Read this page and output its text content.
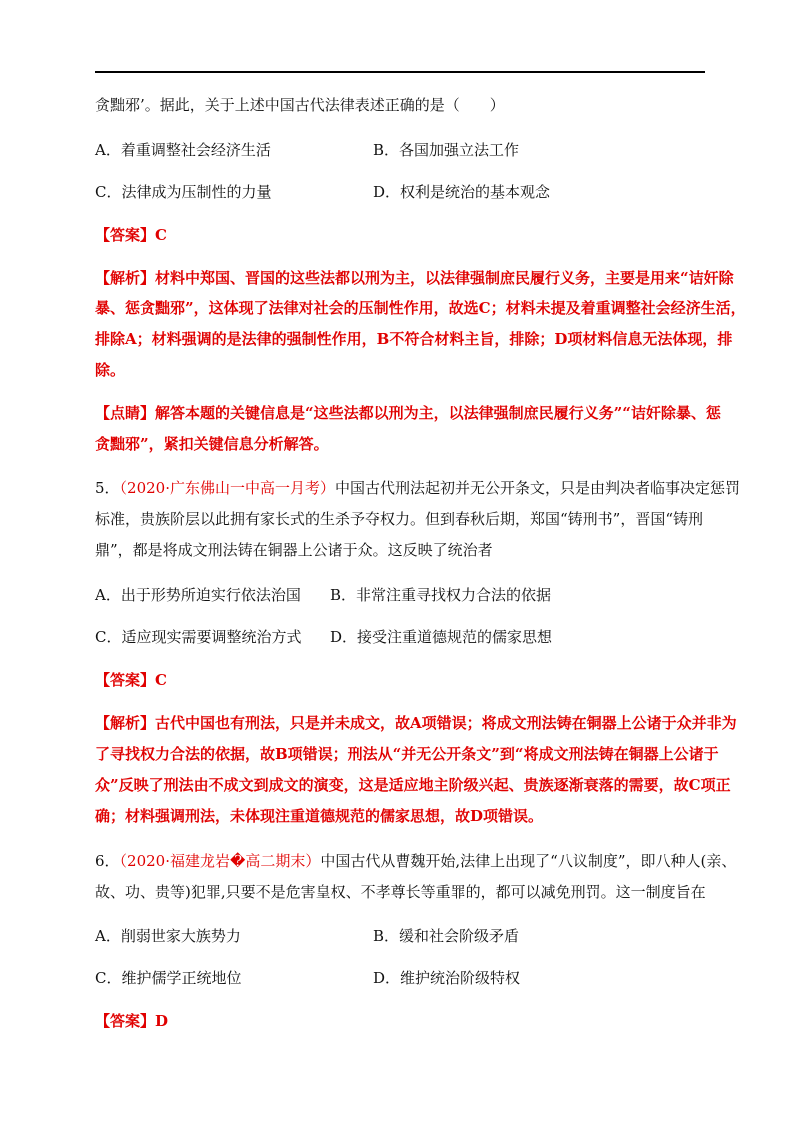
贪黜邪’。据此，关于上述中国古代法律表述正确的是（　　）
A．着重调整社会经济生活	B．各国加强立法工作
C．法律成为压制性的力量	D．权利是统治的基本观念
【答案】C
【解析】材料中郑国、晋国的这些法都以刑为主，以法律强制庶民履行义务，主要是用来“诘奸除
暴、惩贪黜邪”，这体现了法律对社会的压制性作用，故选C；材料未提及着重调整社会经济生活，
排除A；材料强调的是法律的强制性作用，B不符合材料主旨，排除；D项材料信息无法体现，排
除。
【点睛】解答本题的关键信息是“这些法都以刑为主，以法律强制庶民履行义务”“诘奸除暴、惩
贪黜邪”，紧扣关键信息分析解答。
5．（2020·广东佛山一中高一月考）中国古代刑法起初并无公开条文，只是由判决者临事决定惩罚
标准，贵族阶层以此拥有家长式的生杀予夺权力。但到春秋后期，郑国“铸刑书”，晋国“铸刑
鼎”，都是将成文刑法铸在铜器上公诸于众。这反映了统治者
A．出于形势所迫实行依法治国 B．非常注重寻找权力合法的依据
C．适应现实需要调整统治方式 D．接受注重道德规范的儒家思想
【答案】C
【解析】古代中国也有刑法，只是并未成文，故A项错误；将成文刑法铸在铜器上公诸于众并非为
了寻找权力合法的依据，故B项错误；刑法从“并无公开条文”到“将成文刑法铸在铜器上公诸于
众”反映了刑法由不成文到成文的演变，这是适应地主阶级兴起、贵族逐渐衰落的需要，故C项正
确；材料强调刑法，未体现注重道德规范的儒家思想，故D项错误。
6．（2020·福建龙岩�高二期末）中国古代从曹魏开始,法律上出现了“八议制度”，即八种人(亲、
故、功、贵等)犯罪,只要不是危害皇权、不孝尊长等重罪的，都可以减免刑罚。这一制度旨在
A．削弱世家大族势力	B．缓和社会阶级矛盾
C．维护儒学正统地位	D．维护统治阶级特权
【答案】D
